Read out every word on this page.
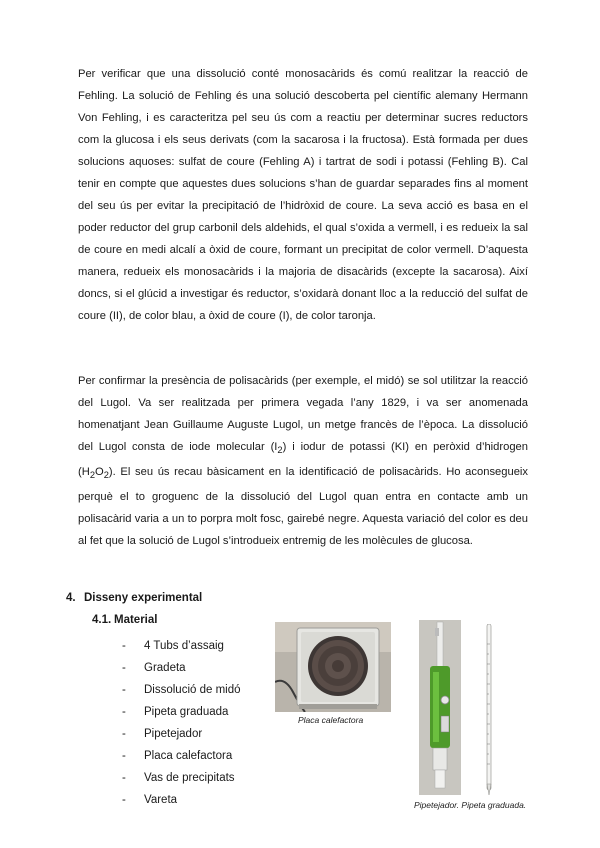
Per verificar que una dissolució conté monosacàrids és comú realitzar la reacció de Fehling. La solució de Fehling és una solució descoberta pel científic alemany Hermann Von Fehling, i es caracteritza pel seu ús com a reactiu per determinar sucres reductors com la glucosa i els seus derivats (com la sacarosa i la fructosa). Està formada per dues solucions aquoses: sulfat de coure (Fehling A) i tartrat de sodi i potassi (Fehling B). Cal tenir en compte que aquestes dues solucions s’han de guardar separades fins al moment del seu ús per evitar la precipitació de l’hidròxid de coure. La seva acció es basa en el poder reductor del grup carbonil dels aldehids, el qual s’oxida a vermell, i es redueix la sal de coure en medi alcalí a òxid de coure, formant un precipitat de color vermell. D’aquesta manera, redueix els monosacàrids i la majoria de disacàrids (excepte la sacarosa). Així doncs, si el glúcid a investigar és reductor, s’oxidarà donant lloc a la reducció del sulfat de coure (II), de color blau, a òxid de coure (I), de color taronja.

Per confirmar la presència de polisacàrids (per exemple, el midó) se sol utilitzar la reacció del Lugol. Va ser realitzada per primera vegada l’any 1829, i va ser anomenada homenatjant Jean Guillaume Auguste Lugol, un metge francès de l’època. La dissolució del Lugol consta de iode molecular $(I_2)$ i iodur de potassi (KI) en peròxid d’hidrogen $(H_2O_2)$. El seu ús recau bàsicament en la identificació de polisacàrids. Ho aconsegueix perquè el to groguenc de la dissolució del Lugol quan entra en contacte amb un polisacàrid varia a un to porpra molt fosc, gairebé negre. Aquesta variació del color es deu al fet que la solució de Lugol s’introdueix entremig de les molècules de glucosa.

4. Disseny experimental
4.1. Material
- 4 Tubs d’assaig
- Gradeta
- Dissolució de midó
- Pipeta graduada
- Pipetejador
- Placa calefactora
- Vas de precipitats
- Vareta
Placa calefactora
Pipetejador. Pipeta graduada.
